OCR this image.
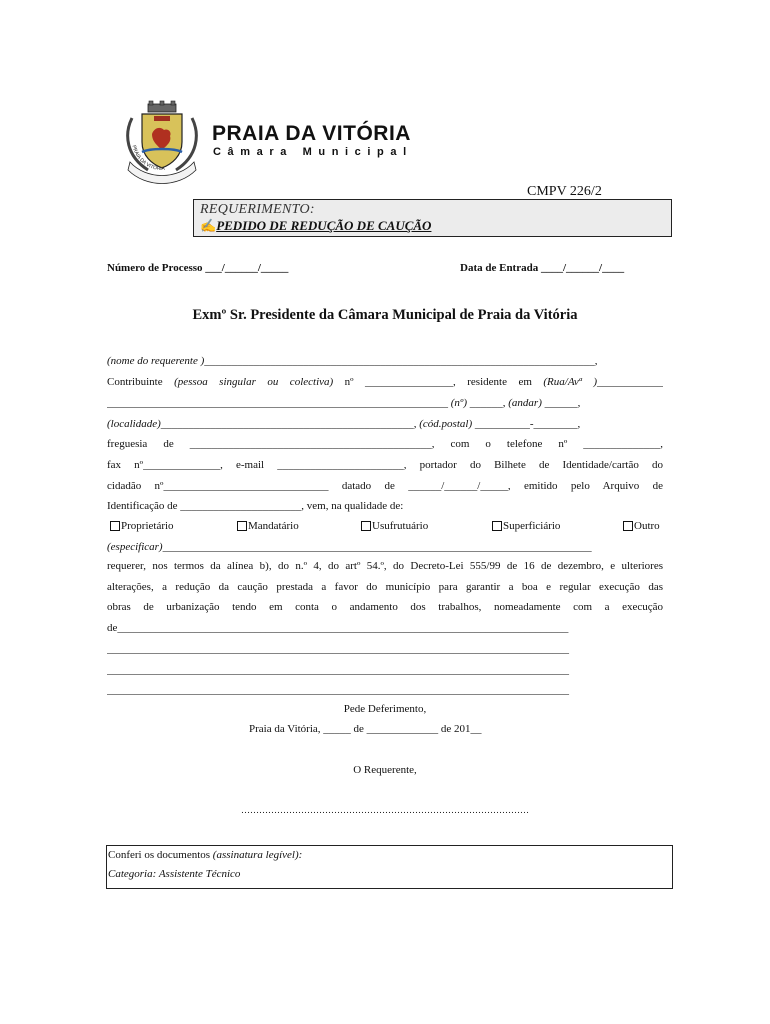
PRAIA DA VITÓRIA
PRAIA DA VITÓRIA
Câmara Municipal
CMPV 226/2
REQUERIMENTO:
✍PEDIDO DE REDUÇÃO DE CAUÇÃO
Número de Processo ___/______/_____	Data de Entrada ____/______/____
Exmº Sr. Presidente da Câmara Municipal de Praia da Vitória
(nome do requerente )_______________________________________________________________________,
Contribuinte (pessoa singular ou colectiva) nº ________________, residente em (Rua/Avª )____________
______________________________________________________________ (nº) ______, (andar) ______,
(localidade)______________________________________________, (cód.postal) __________-________,
freguesia de ____________________________________________, com o telefone nº ______________,
fax nº______________, e-mail _______________________, portador do Bilhete de Identidade/cartão do
cidadão nº______________________________ datado de ______/______/_____, emitido pelo Arquivo de
Identificação de ______________________, vem, na qualidade de:
Proprietário	Mandatário	Usufrutuário	Superficiário	Outro
(especificar)______________________________________________________________________________
requerer, nos termos da alínea b), do n.º 4, do artº 54.º, do Decreto-Lei 555/99 de 16 de dezembro, e ulteriores
alterações, a redução da caução prestada a favor do município para garantir a boa e regular execução das
obras de urbanização tendo em conta o andamento dos trabalhos, nomeadamente com a execução
de__________________________________________________________________________________
____________________________________________________________________________________
____________________________________________________________________________________
____________________________________________________________________________________
Pede Deferimento,
Praia da Vitória, _____ de _____________ de 201__
O Requerente,
……………………………………………………………………………………
Conferi os documentos (assinatura legível):
Categoria: Assistente Técnico
